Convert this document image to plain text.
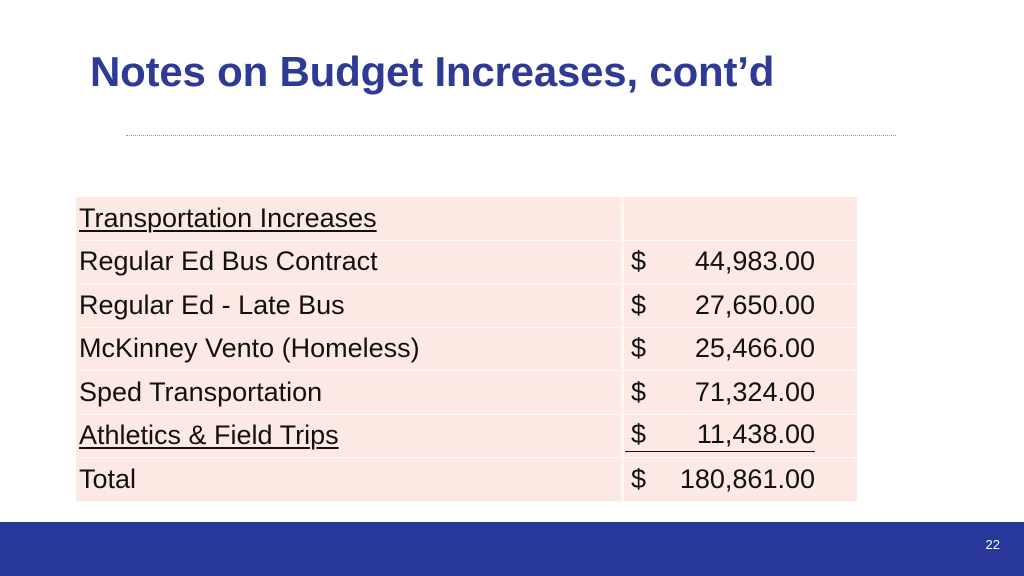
Notes on Budget Increases, cont’d
Transportation Increases	
Regular Ed Bus Contract	$ 44,983.00

Regular Ed - Late Bus	$ 27,650.00

McKinney Vento (Homeless)	$ 25,466.00

Sped Transportation	$ 71,324.00

Athletics & Field Trips	$ 11,438.00

Total	$ 180,861.00
22
